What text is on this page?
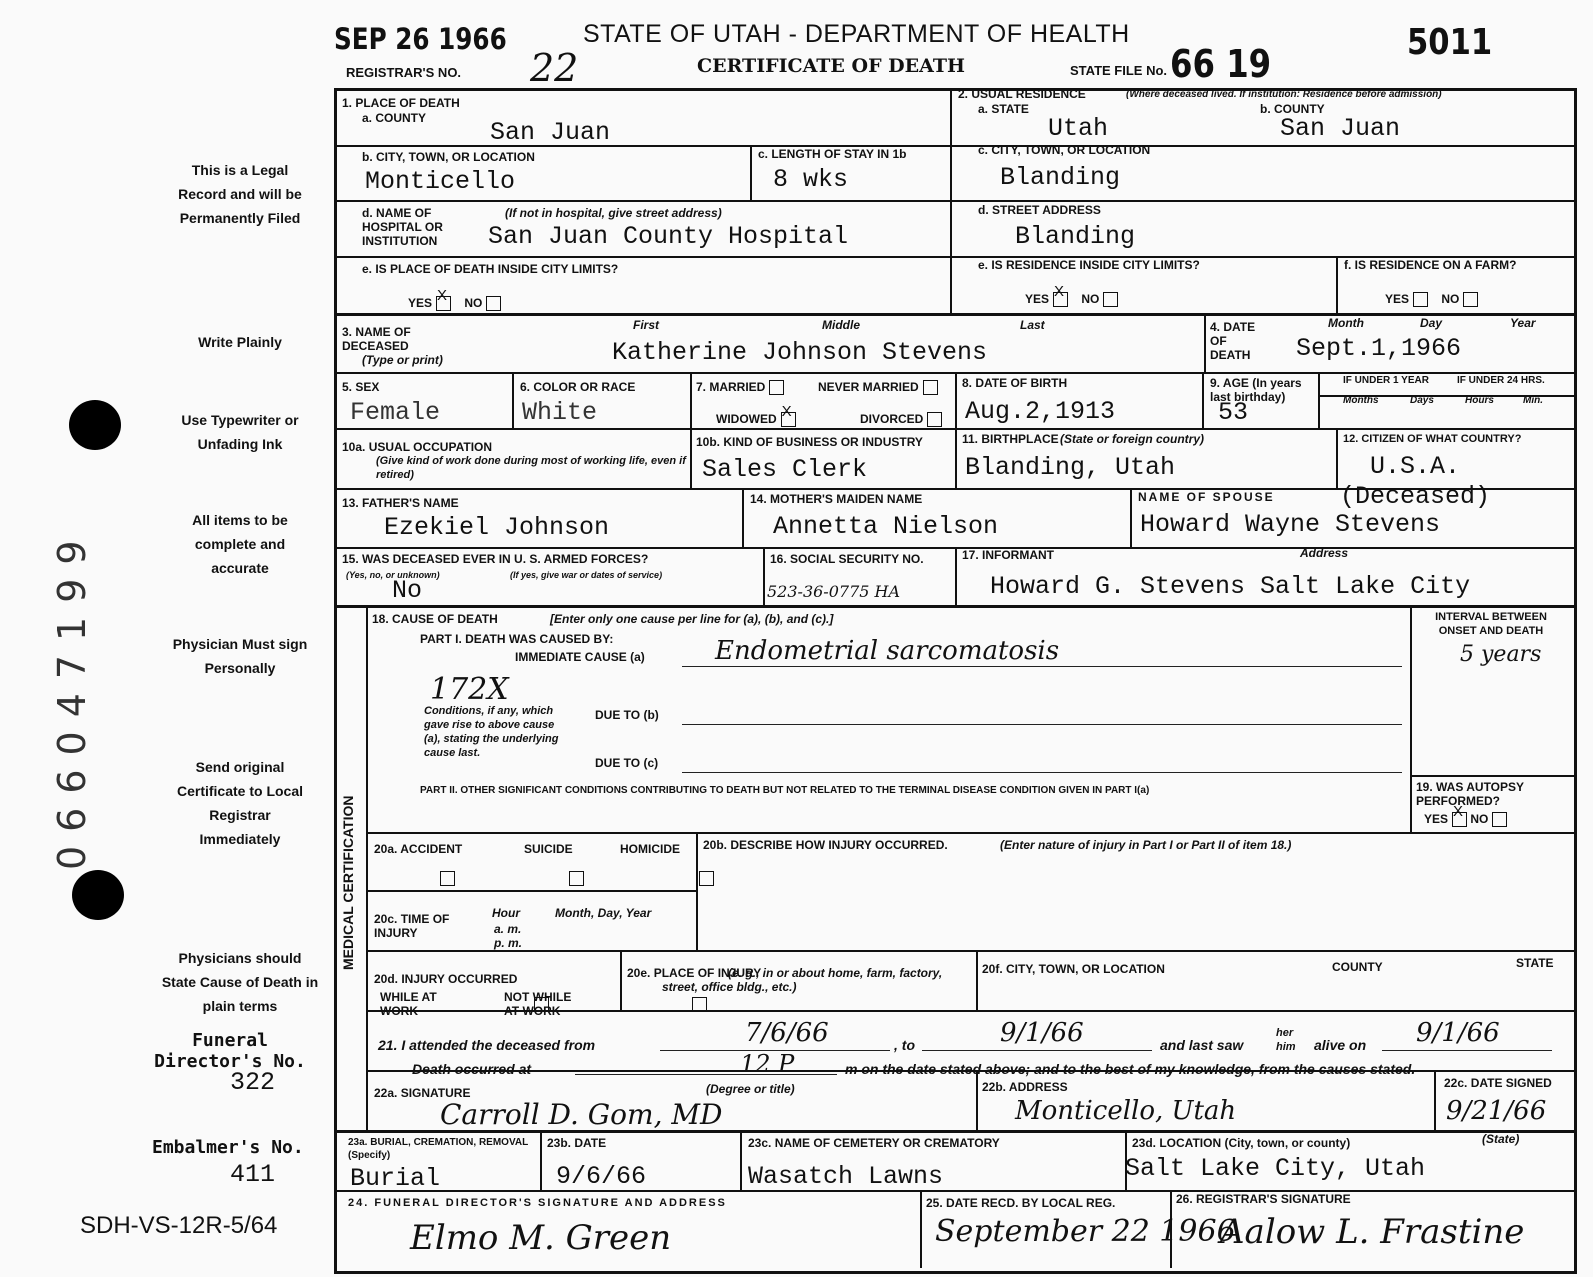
SEP 26 1966
REGISTRAR'S NO. 22
STATE OF UTAH - DEPARTMENT OF HEALTH
CERTIFICATE OF DEATH	STATE FILE No. 66 19	5011
This is a Legal Record and will be Permanently Filed
Write Plainly
Use Typewriter or Unfading Ink
All items to be complete and accurate
Physician Must sign Personally
Send original Certificate to Local Registrar Immediately
Physicians should State Cause of Death in plain terms
Funeral Director's No.
322
Embalmer's No.
411
SDH-VS-12R-5/64
066047199
1. PLACE OF DEATH
a. COUNTY	San Juan
2. USUAL RESIDENCE	(Where deceased lived. If institution: Residence before admission)
a. STATE	b. COUNTY
Utah	San Juan
b. CITY, TOWN, OR LOCATION
Monticello
c. LENGTH OF STAY IN 1b
8 wks
c. CITY, TOWN, OR LOCATION
Blanding
d. NAME OF HOSPITAL OR INSTITUTION
(If not in hospital, give street address)
San Juan County Hospital
d. STREET ADDRESS
Blanding
e. IS PLACE OF DEATH INSIDE CITY LIMITS?
YES X	NO
e. IS RESIDENCE INSIDE CITY LIMITS?
YES X	NO
f. IS RESIDENCE ON A FARM?
YES	NO
3. NAME OF DECEASED
(Type or print)
First	Middle	Last
Katherine Johnson Stevens
4. DATE OF DEATH
Month	Day	Year
Sept.1,1966
5. SEX
Female
6. COLOR OR RACE
White
7. MARRIED	NEVER MARRIED
WIDOWED X	DIVORCED
8. DATE OF BIRTH
Aug.2,1913
9. AGE (In years last birthday)
53
IF UNDER 1 YEAR	IF UNDER 24 HRS.
Months	Days	Hours	Min.
10a. USUAL OCCUPATION
(Give kind of work done during most of working life, even if retired)
10b. KIND OF BUSINESS OR INDUSTRY
Sales Clerk
11. BIRTHPLACE (State or foreign country)
Blanding, Utah
12. CITIZEN OF WHAT COUNTRY?
U.S.A.
13. FATHER'S NAME
Ezekiel Johnson
14. MOTHER'S MAIDEN NAME
Annetta Nielson
NAME OF SPOUSE	(Deceased)
Howard Wayne Stevens
15. WAS DECEASED EVER IN U. S. ARMED FORCES?
(Yes, no, or unknown)	(If yes, give war or dates of service)
No
16. SOCIAL SECURITY NO.
523-36-0775 HA
17. INFORMANT	Address
Howard G. Stevens Salt Lake City
MEDICAL CERTIFICATION
18. CAUSE OF DEATH	[Enter only one cause per line for (a), (b), and (c).]
PART I. DEATH WAS CAUSED BY:
IMMEDIATE CAUSE (a)	Endometrial sarcomatosis
172X
Conditions, if any, which gave rise to above cause (a), stating the underlying cause last.
DUE TO (b)
DUE TO (c)
PART II. OTHER SIGNIFICANT CONDITIONS CONTRIBUTING TO DEATH BUT NOT RELATED TO THE TERMINAL DISEASE CONDITION GIVEN IN PART I(a)
INTERVAL BETWEEN ONSET AND DEATH
5 years
19. WAS AUTOPSY PERFORMED?
YES X NO
20a. ACCIDENT	SUICIDE	HOMICIDE
20b. DESCRIBE HOW INJURY OCCURRED.	(Enter nature of injury in Part I or Part II of item 18.)
20c. TIME OF INJURY
Hour
a. m.
p. m.
Month, Day, Year
20d. INJURY OCCURRED
WHILE AT WORK

NOT WHILE AT WORK
20e. PLACE OF INJURY
(e. g., in or about home, farm, factory, street, office bldg., etc.)
20f. CITY, TOWN, OR LOCATION	COUNTY	STATE
21. I attended the deceased from	7/6/66	, to	9/1/66	and last saw
her him	alive on 9/1/66
Death occurred at	12 P	m on the date stated above; and to the best of my knowledge, from the causes stated.
22a. SIGNATURE	(Degree or title)
Carroll D. Gom, MD
22b. ADDRESS
Monticello, Utah
22c. DATE SIGNED
9/21/66
23a. BURIAL, CREMATION, REMOVAL (Specify)
Burial
23b. DATE
9/6/66
23c. NAME OF CEMETERY OR CREMATORY
Wasatch Lawns
23d. LOCATION (City, town, or county)	(State)
Salt Lake City, Utah
24. FUNERAL DIRECTOR'S SIGNATURE AND ADDRESS
Elmo M. Green
25. DATE RECD. BY LOCAL REG.
September 22 1966
26. REGISTRAR'S SIGNATURE
Aalow L. Frastine
